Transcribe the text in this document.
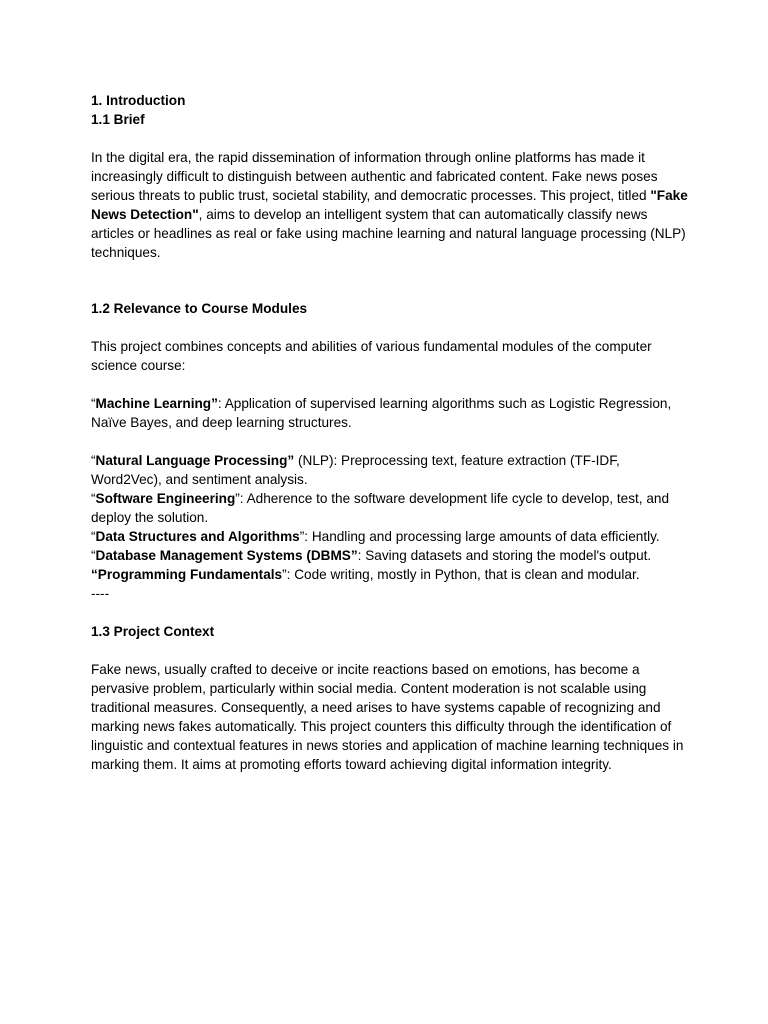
1. Introduction

1.1 Brief

In the digital era, the rapid dissemination of information through online platforms has made it increasingly difficult to distinguish between authentic and fabricated content. Fake news poses serious threats to public trust, societal stability, and democratic processes. This project, titled "Fake News Detection", aims to develop an intelligent system that can automatically classify news articles or headlines as real or fake using machine learning and natural language processing (NLP) techniques.

1.2 Relevance to Course Modules

This project combines concepts and abilities of various fundamental modules of the computer science course:

“Machine Learning”: Application of supervised learning algorithms such as Logistic Regression, Naïve Bayes, and deep learning structures.

“Natural Language Processing” (NLP): Preprocessing text, feature extraction (TF-IDF, Word2Vec), and sentiment analysis.

“Software Engineering”: Adherence to the software development life cycle to develop, test, and deploy the solution.

“Data Structures and Algorithms”: Handling and processing large amounts of data efficiently.

“Database Management Systems (DBMS”: Saving datasets and storing the model's output.

“Programming Fundamentals”: Code writing, mostly in Python, that is clean and modular.

----

1.3 Project Context

Fake news, usually crafted to deceive or incite reactions based on emotions, has become a pervasive problem, particularly within social media. Content moderation is not scalable using traditional measures. Consequently, a need arises to have systems capable of recognizing and marking news fakes automatically. This project counters this difficulty through the identification of linguistic and contextual features in news stories and application of machine learning techniques in marking them. It aims at promoting efforts toward achieving digital information integrity.
